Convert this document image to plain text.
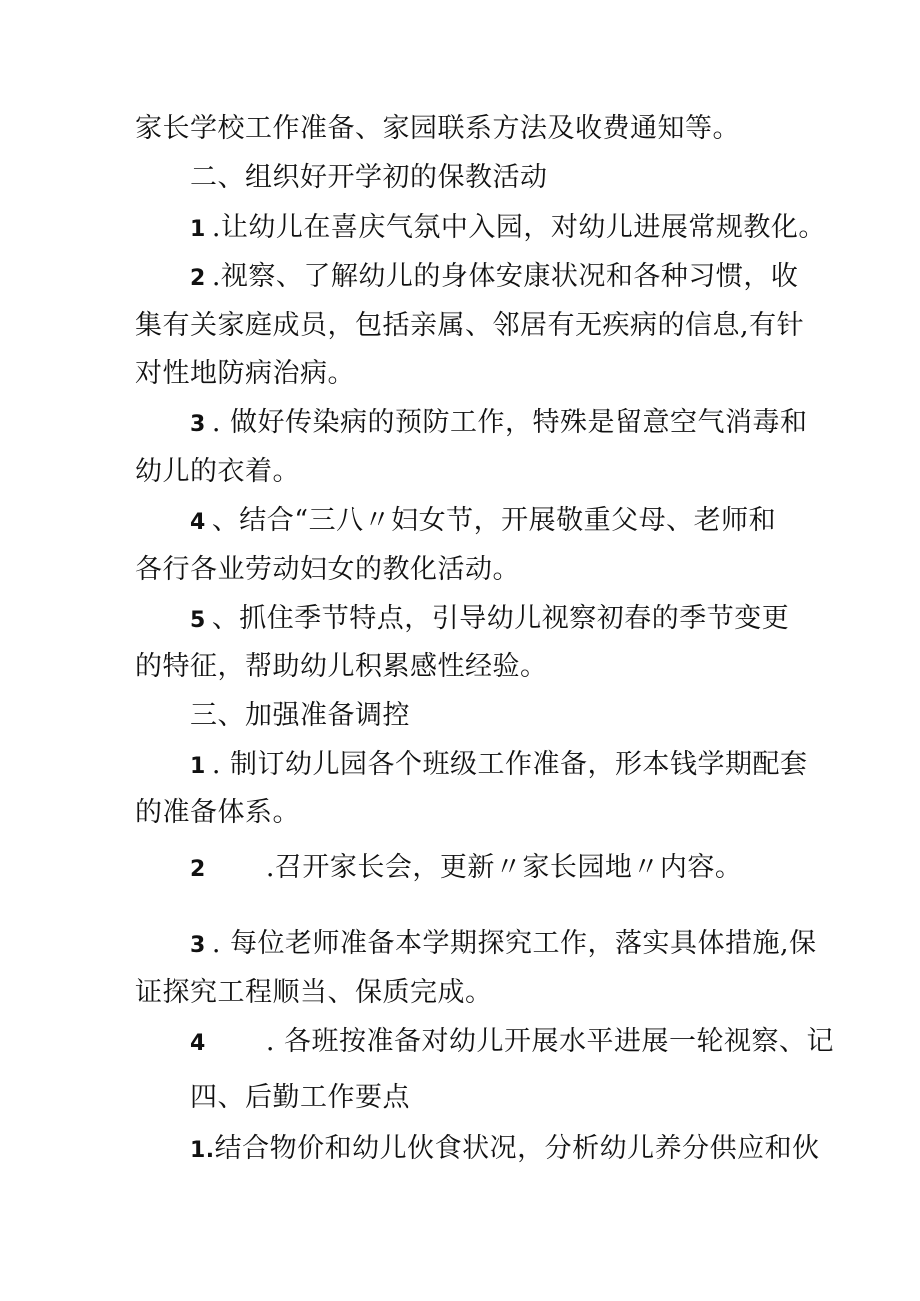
家长学校工作准备、家园联系方法及收费通知等。
二、组织好开学初的保教活动
1 .让幼儿在喜庆气氛中入园，对幼儿进展常规教化。
2 .视察、了解幼儿的身体安康状况和各种习惯，收
集有关家庭成员，包括亲属、邻居有无疾病的信息,有针
对性地防病治病。
3 . 做好传染病的预防工作，特殊是留意空气消毒和
幼儿的衣着。
4 、结合“三八〃妇女节，开展敬重父母、老师和
各行各业劳动妇女的教化活动。
5 、抓住季节特点，引导幼儿视察初春的季节变更
的特征，帮助幼儿积累感性经验。
三、加强准备调控
1 . 制订幼儿园各个班级工作准备，形本钱学期配套
的准备体系。
2 .召开家长会，更新〃家长园地〃内容。
3 . 每位老师准备本学期探究工作，落实具体措施,保
证探究工程顺当、保质完成。
4 . 各班按准备对幼儿开展水平进展一轮视察、记
四、后勤工作要点
1.结合物价和幼儿伙食状况，分析幼儿养分供应和伙
